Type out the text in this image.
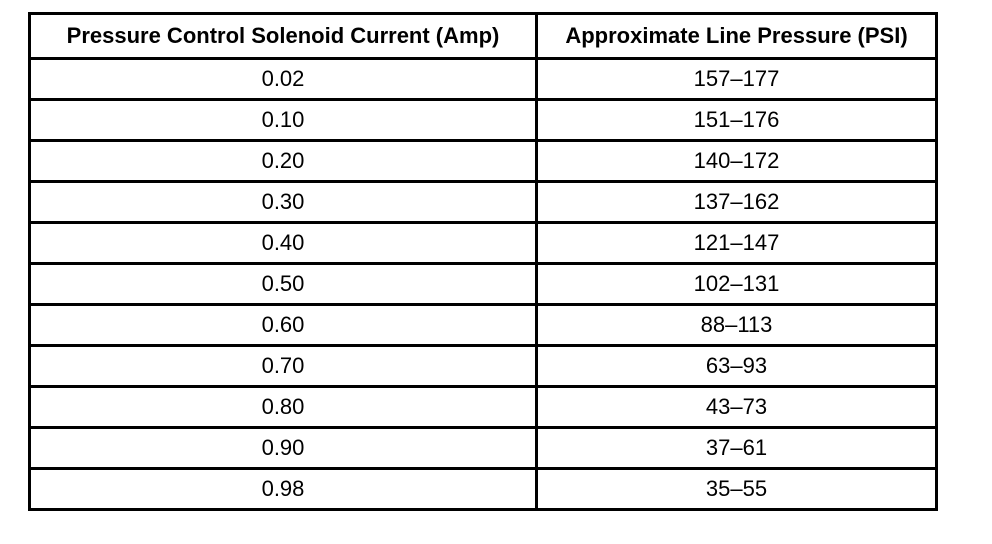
Pressure Control Solenoid Current (Amp)	Approximate Line Pressure (PSI)
0.02	157–177
0.10	151–176
0.20	140–172
0.30	137–162
0.40	121–147
0.50	102–131
0.60	88–113
0.70	63–93
0.80	43–73
0.90	37–61
0.98	35–55
